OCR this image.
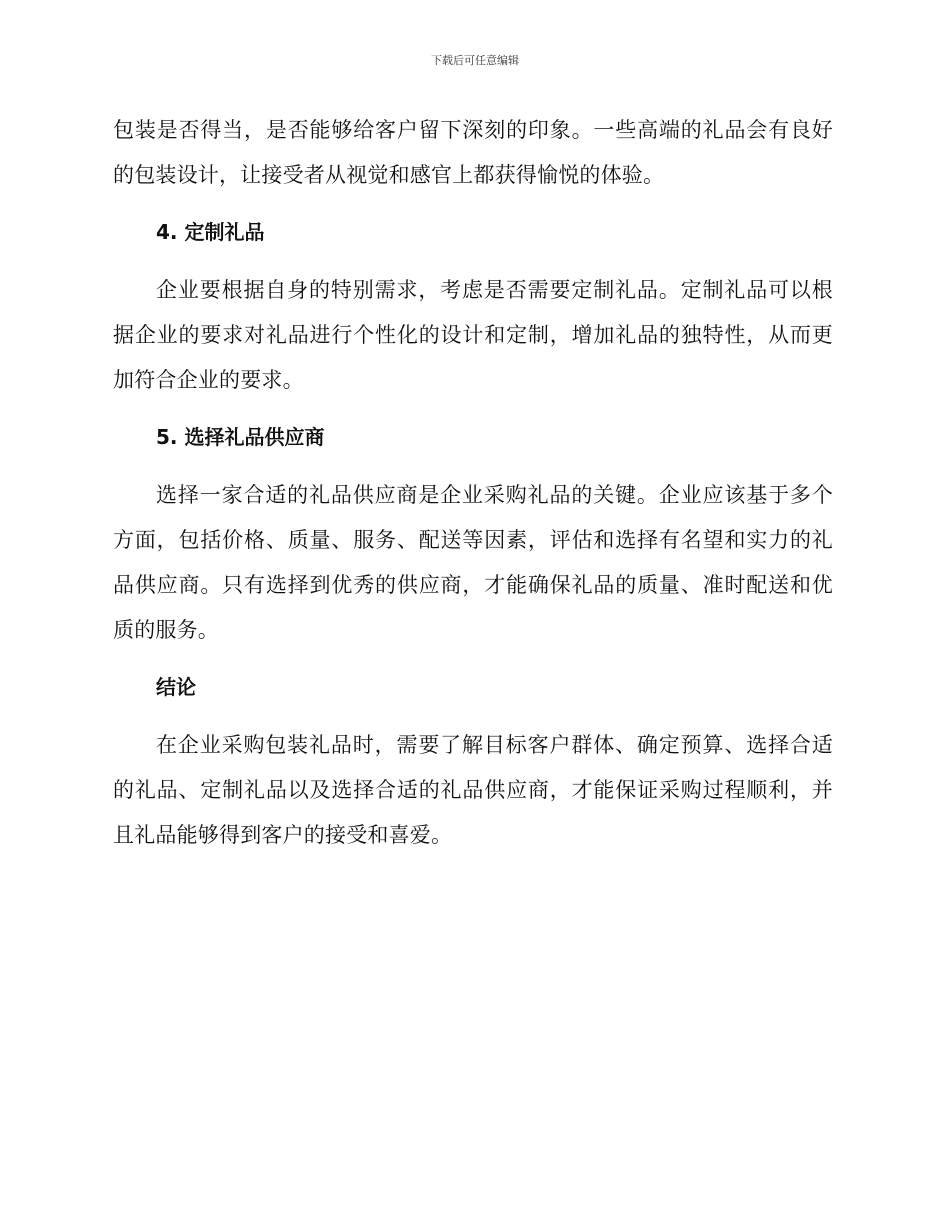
下载后可任意编辑

包装是否得当，是否能够给客户留下深刻的印象。一些高端的礼品会有良好的包装设计，让接受者从视觉和感官上都获得愉悦的体验。

4. 定制礼品

企业要根据自身的特别需求，考虑是否需要定制礼品。定制礼品可以根据企业的要求对礼品进行个性化的设计和定制，增加礼品的独特性，从而更加符合企业的要求。

5. 选择礼品供应商

选择一家合适的礼品供应商是企业采购礼品的关键。企业应该基于多个方面，包括价格、质量、服务、配送等因素，评估和选择有名望和实力的礼品供应商。只有选择到优秀的供应商，才能确保礼品的质量、准时配送和优质的服务。

结论

在企业采购包装礼品时，需要了解目标客户群体、确定预算、选择合适的礼品、定制礼品以及选择合适的礼品供应商，才能保证采购过程顺利，并且礼品能够得到客户的接受和喜爱。
